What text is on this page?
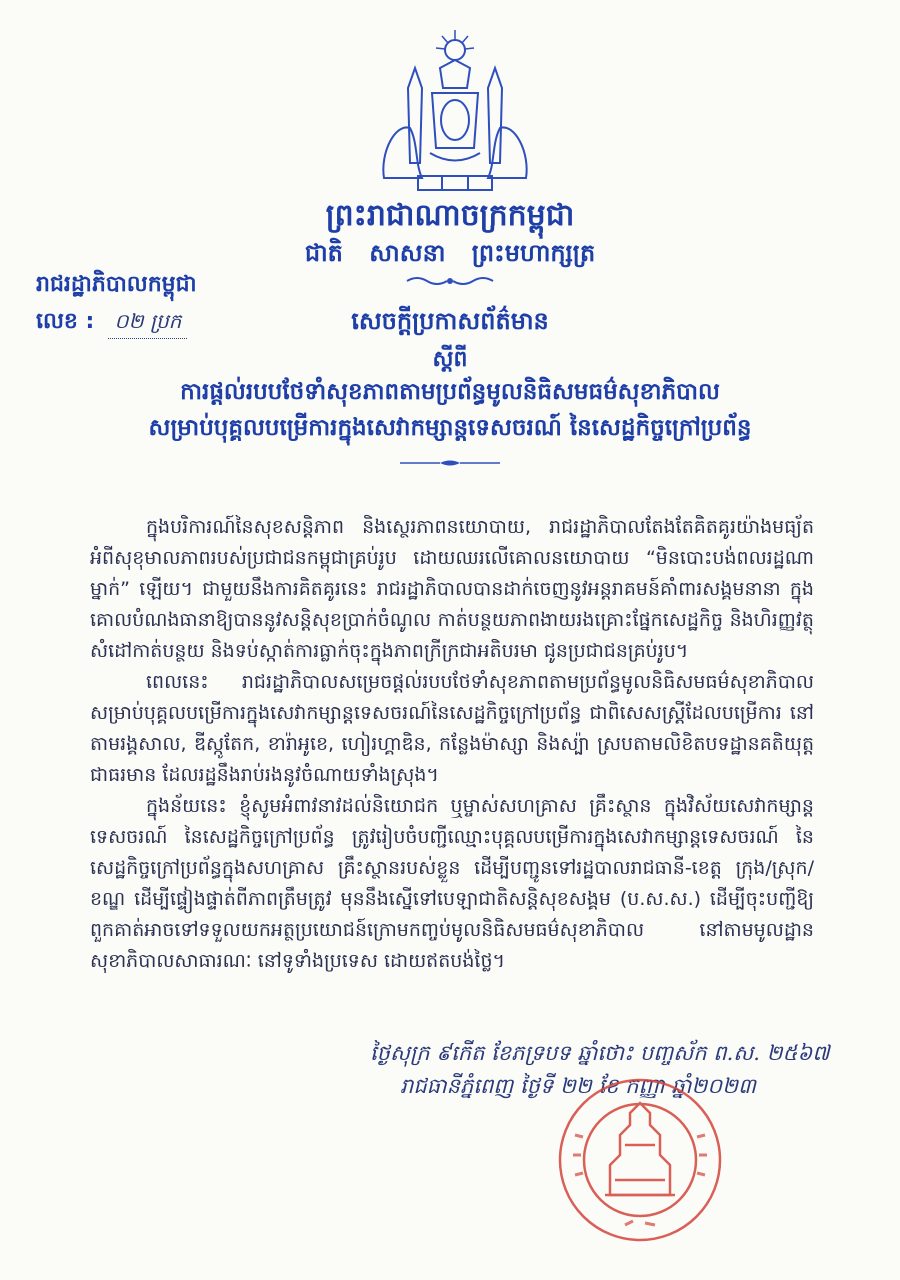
ព្រះរាជាណាចក្រកម្ពុជា
ជាតិ សាសនា ព្រះមហាក្សត្រ
រាជរដ្ឋាភិបាលកម្ពុជា
លេខ :	០២ ប្រក	សេចក្តីប្រកាសព័ត៌មាន
ស្តីពី
ការផ្តល់របបថែទាំសុខភាពតាមប្រព័ន្ធមូលនិធិសមធម៌សុខាភិបាល
សម្រាប់បុគ្គលបម្រើការក្នុងសេវាកម្សាន្តទេសចរណ៍ នៃសេដ្ឋកិច្ចក្រៅប្រព័ន្ធ

ក្នុងបរិការណ៍នៃសុខសន្តិភាព និងស្ថេរភាពនយោបាយ, រាជរដ្ឋាភិបាលតែងតែគិតគូរយ៉ាងមធ្យ័តអំពីសុខុមាលភាពរបស់ប្រជាជនកម្ពុជាគ្រប់រូប ដោយឈរលើគោលនយោបាយ “មិនបោះបង់ពលរដ្ឋណាម្នាក់” ឡើយ។ ជាមួយនឹងការគិតគូរនេះ រាជរដ្ឋាភិបាលបានដាក់ចេញនូវអន្តរាគមន៍គាំពារសង្គមនានា ក្នុងគោលបំណងធានាឱ្យបាននូវសន្តិសុខប្រាក់ចំណូល កាត់បន្ថយភាពងាយរងគ្រោះផ្នែកសេដ្ឋកិច្ច និងហិរញ្ញវត្ថុ សំដៅកាត់បន្ថយ និងទប់ស្កាត់ការធ្លាក់ចុះក្នុងភាពក្រីក្រជាអតិបរមា ជូនប្រជាជនគ្រប់រូប។

ពេលនេះ រាជរដ្ឋាភិបាលសម្រេចផ្តល់របបថែទាំសុខភាពតាមប្រព័ន្ធមូលនិធិសមធម៌សុខាភិបាល សម្រាប់បុគ្គលបម្រើការក្នុងសេវាកម្សាន្តទេសចរណ៍នៃសេដ្ឋកិច្ចក្រៅប្រព័ន្ធ ជាពិសេសស្ត្រីដែលបម្រើការ នៅតាមរង្គសាល, ឌីស្កូតែក, ខារ៉ាអូខេ, ហៀរហ្គាឌិន, កន្លែងម៉ាស្សា និងស្ប៉ា ស្របតាមលិខិតបទដ្ឋានគតិយុត្តជាធរមាន ដែលរដ្ឋនឹងរាប់រងនូវចំណាយទាំងស្រុង។

ក្នុងន័យនេះ ខ្ញុំសូមអំពាវនាវដល់និយោជក ឬម្ចាស់សហគ្រាស គ្រឹះស្ថាន ក្នុងវិស័យសេវាកម្សាន្តទេសចរណ៍ នៃសេដ្ឋកិច្ចក្រៅប្រព័ន្ធ ត្រូវរៀបចំបញ្ជីឈ្មោះបុគ្គលបម្រើការក្នុងសេវាកម្សាន្តទេសចរណ៍ នៃសេដ្ឋកិច្ចក្រៅប្រព័ន្ធក្នុងសហគ្រាស គ្រឹះស្ថានរបស់ខ្លួន ដើម្បីបញ្ជូនទៅរដ្ឋបាលរាជធានី-ខេត្ត ក្រុង/ស្រុក/ខណ្ឌ ដើម្បីផ្ទៀងផ្ទាត់ពីភាពត្រឹមត្រូវ មុននឹងស្នើទៅបេឡាជាតិសន្តិសុខសង្គម (ប.ស.ស.) ដើម្បីចុះបញ្ជីឱ្យពួកគាត់អាចទៅទទួលយកអត្ថប្រយោជន៍ក្រោមកញ្ចប់មូលនិធិសមធម៌សុខាភិបាល នៅតាមមូលដ្ឋានសុខាភិបាលសាធារណៈ នៅទូទាំងប្រទេស ដោយឥតបង់ថ្លៃ។

ថ្ងៃសុក្រ ៩កើត ខែភទ្របទ ឆ្នាំថោះ បញ្ចស័ក ព.ស. ២៥៦៧
រាជធានីភ្នំពេញ ថ្ងៃទី ២២ ខែ កញ្ញា ឆ្នាំ២០២៣
